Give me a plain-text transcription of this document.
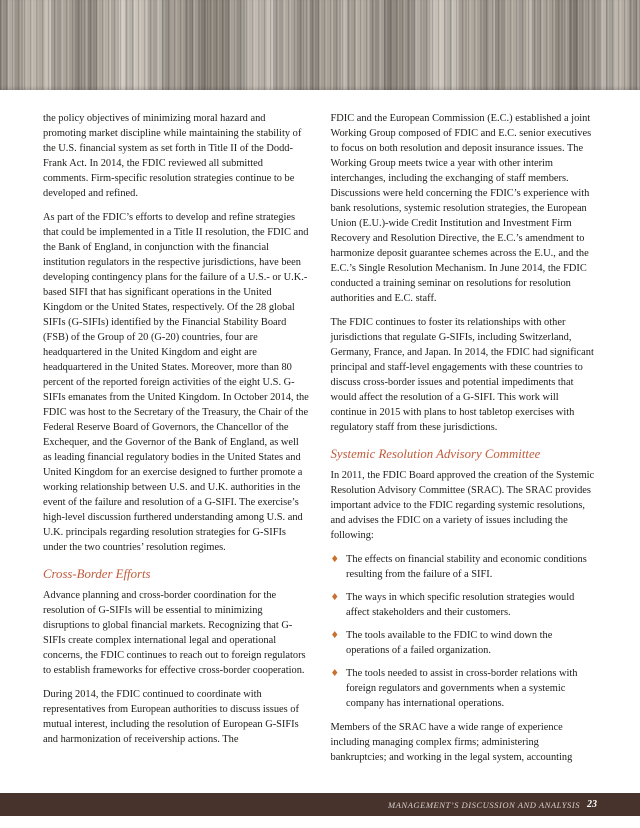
the policy objectives of minimizing moral hazard and promoting market discipline while maintaining the stability of the U.S. financial system as set forth in Title II of the Dodd-Frank Act. In 2014, the FDIC reviewed all submitted comments. Firm-specific resolution strategies continue to be developed and refined.

As part of the FDIC’s efforts to develop and refine strategies that could be implemented in a Title II resolution, the FDIC and the Bank of England, in conjunction with the financial institution regulators in the respective jurisdictions, have been developing contingency plans for the failure of a U.S.- or U.K.-based SIFI that has significant operations in the United Kingdom or the United States, respectively. Of the 28 global SIFIs (G-SIFIs) identified by the Financial Stability Board (FSB) of the Group of 20 (G-20) countries, four are headquartered in the United Kingdom and eight are headquartered in the United States. Moreover, more than 80 percent of the reported foreign activities of the eight U.S. G-SIFIs emanates from the United Kingdom. In October 2014, the FDIC was host to the Secretary of the Treasury, the Chair of the Federal Reserve Board of Governors, the Chancellor of the Exchequer, and the Governor of the Bank of England, as well as leading financial regulatory bodies in the United States and United Kingdom for an exercise designed to further promote a working relationship between U.S. and U.K. authorities in the event of the failure and resolution of a G-SIFI. The exercise’s high-level discussion furthered understanding among U.S. and U.K. principals regarding resolution strategies for G-SIFIs under the two countries’ resolution regimes.

Cross-Border Efforts

Advance planning and cross-border coordination for the resolution of G-SIFIs will be essential to minimizing disruptions to global financial markets. Recognizing that G-SIFIs create complex international legal and operational concerns, the FDIC continues to reach out to foreign regulators to establish frameworks for effective cross-border cooperation.

During 2014, the FDIC continued to coordinate with representatives from European authorities to discuss issues of mutual interest, including the resolution of European G-SIFIs and harmonization of receivership actions. The

FDIC and the European Commission (E.C.) established a joint Working Group composed of FDIC and E.C. senior executives to focus on both resolution and deposit insurance issues. The Working Group meets twice a year with other interim interchanges, including the exchanging of staff members. Discussions were held concerning the FDIC’s experience with bank resolutions, systemic resolution strategies, the European Union (E.U.)-wide Credit Institution and Investment Firm Recovery and Resolution Directive, the E.C.’s amendment to harmonize deposit guarantee schemes across the E.U., and the E.C.’s Single Resolution Mechanism. In June 2014, the FDIC conducted a training seminar on resolutions for resolution authorities and E.C. staff.

The FDIC continues to foster its relationships with other jurisdictions that regulate G-SIFIs, including Switzerland, Germany, France, and Japan. In 2014, the FDIC had significant principal and staff-level engagements with these countries to discuss cross-border issues and potential impediments that would affect the resolution of a G-SIFI. This work will continue in 2015 with plans to host tabletop exercises with regulatory staff from these jurisdictions.

Systemic Resolution Advisory Committee

In 2011, the FDIC Board approved the creation of the Systemic Resolution Advisory Committee (SRAC). The SRAC provides important advice to the FDIC regarding systemic resolutions, and advises the FDIC on a variety of issues including the following:

♦ The effects on financial stability and economic conditions resulting from the failure of a SIFI.
♦ The ways in which specific resolution strategies would affect stakeholders and their customers.
♦ The tools available to the FDIC to wind down the operations of a failed organization.
♦ The tools needed to assist in cross-border relations with foreign regulators and governments when a systemic company has international operations.

Members of the SRAC have a wide range of experience including managing complex firms; administering bankruptcies; and working in the legal system, accounting

MANAGEMENT’S DISCUSSION AND ANALYSIS 23
